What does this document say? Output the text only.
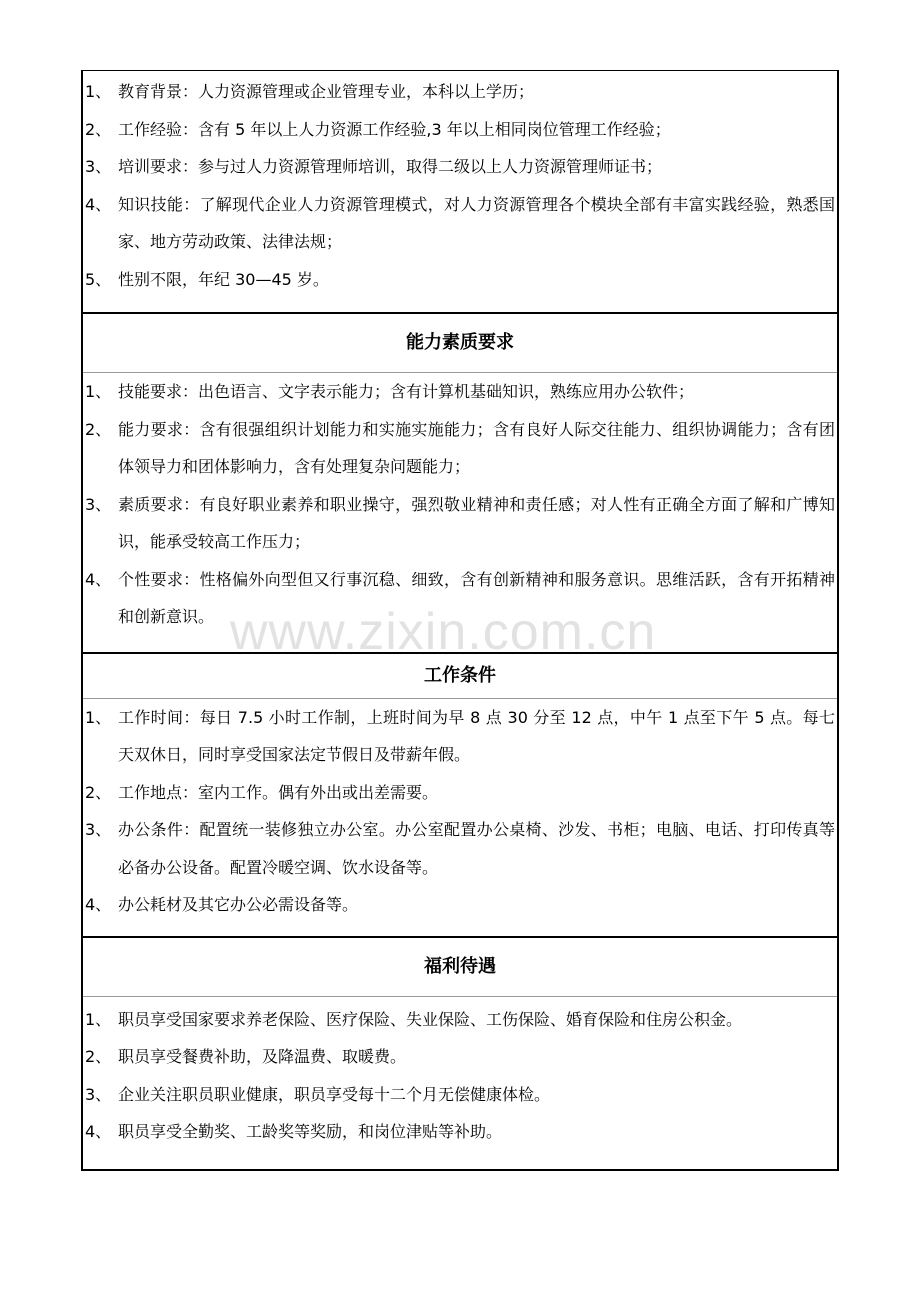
1、 教育背景：人力资源管理或企业管理专业，本科以上学历；
2、 工作经验：含有 5 年以上人力资源工作经验,3 年以上相同岗位管理工作经验；
3、 培训要求：参与过人力资源管理师培训，取得二级以上人力资源管理师证书；
4、 知识技能：了解现代企业人力资源管理模式，对人力资源管理各个模块全部有丰富实践经验，熟悉国家、地方劳动政策、法律法规；
5、 性别不限，年纪 30—45 岁。
能力素质要求
1、 技能要求：出色语言、文字表示能力；含有计算机基础知识，熟练应用办公软件；
2、 能力要求：含有很强组织计划能力和实施实施能力；含有良好人际交往能力、组织协调能力；含有团体领导力和团体影响力，含有处理复杂问题能力；
3、 素质要求：有良好职业素养和职业操守，强烈敬业精神和责任感；对人性有正确全方面了解和广博知识，能承受较高工作压力；
4、 个性要求：性格偏外向型但又行事沉稳、细致，含有创新精神和服务意识。思维活跃，含有开拓精神和创新意识。
工作条件
1、 工作时间：每日 7.5 小时工作制，上班时间为早 8 点 30 分至 12 点，中午 1 点至下午 5 点。每七天双休日，同时享受国家法定节假日及带薪年假。
2、 工作地点：室内工作。偶有外出或出差需要。
3、 办公条件：配置统一装修独立办公室。办公室配置办公桌椅、沙发、书柜；电脑、电话、打印传真等必备办公设备。配置冷暖空调、饮水设备等。
4、 办公耗材及其它办公必需设备等。
福利待遇
1、 职员享受国家要求养老保险、医疗保险、失业保险、工伤保险、婚育保险和住房公积金。
2、 职员享受餐费补助，及降温费、取暖费。
3、 企业关注职员职业健康，职员享受每十二个月无偿健康体检。
4、 职员享受全勤奖、工龄奖等奖励，和岗位津贴等补助。
www.zixin.com.cn
